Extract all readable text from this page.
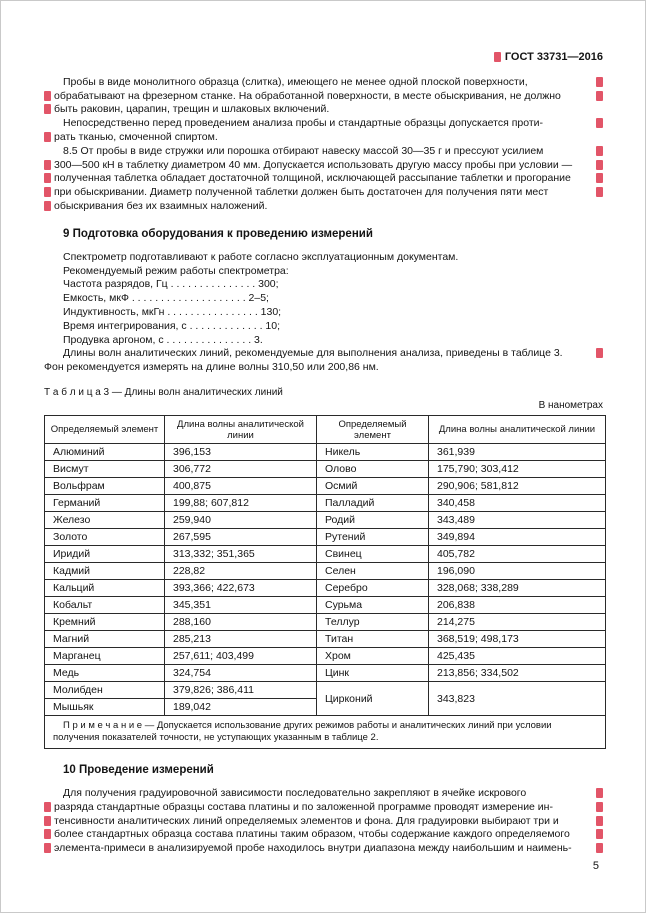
ГОСТ 33731—2016
Пробы в виде монолитного образца (слитка), имеющего не менее одной плоской поверхности,
обрабатывают на фрезерном станке. На обработанной поверхности, в месте обыскривания, не должно
быть раковин, царапин, трещин и шлаковых включений.
Непосредственно перед проведением анализа пробы и стандартные образцы допускается проти-
рать тканью, смоченной спиртом.
8.5 От пробы в виде стружки или порошка отбирают навеску массой 30—35 г и прессуют усилием
300—500 кН в таблетку диаметром 40 мм. Допускается использовать другую массу пробы при условии —
полученная таблетка обладает достаточной толщиной, исключающей рассыпание таблетки и прогорание
при обыскривании. Диаметр полученной таблетки должен быть достаточен для получения пяти мест
обыскривания без их взаимных наложений.
9 Подготовка оборудования к проведению измерений
Спектрометр подготавливают к работе согласно эксплуатационным документам.
Рекомендуемый режим работы спектрометра:
Частота разрядов, Гц . . . . . . . . . . . . . . . 300;
Емкость, мкФ . . . . . . . . . . . . . . . . . . . . 2–5;
Индуктивность, мкГн . . . . . . . . . . . . . . . . 130;
Время интегрирования, с . . . . . . . . . . . . . 10;
Продувка аргоном, с . . . . . . . . . . . . . . . 3.
Длины волн аналитических линий, рекомендуемые для выполнения анализа, приведены в таблице 3.
Фон рекомендуется измерять на длине волны 310,50 или 200,86 нм.
Т а б л и ц а 3 — Длины волн аналитических линий
В нанометрах
Определяемый элемент	Длина волны аналитической линии	Определяемый элемент	Длина волны аналитической линии
Алюминий	396,153	Никель	361,939
Висмут	306,772	Олово	175,790; 303,412
Вольфрам	400,875	Осмий	290,906; 581,812
Германий	199,88; 607,812	Палладий	340,458
Железо	259,940	Родий	343,489
Золото	267,595	Рутений	349,894
Иридий	313,332; 351,365	Свинец	405,782
Кадмий	228,82	Селен	196,090
Кальций	393,366; 422,673	Серебро	328,068; 338,289
Кобальт	345,351	Сурьма	206,838
Кремний	288,160	Теллур	214,275
Магний	285,213	Титан	368,519; 498,173
Марганец	257,611; 403,499	Хром	425,435
Медь	324,754	Цинк	213,856; 334,502
Молибден	379,826; 386,411	Цирконий	343,823
Мышьяк	189,042		
П р и м е ч а н и е — Допускается использование других режимов работы и аналитических линий при условии получения показателей точности, не уступающих указанным в таблице 2.			
10 Проведение измерений
Для получения градуировочной зависимости последовательно закрепляют в ячейке искрового
разряда стандартные образцы состава платины и по заложенной программе проводят измерение ин-
тенсивности аналитических линий определяемых элементов и фона. Для градуировки выбирают три и
более стандартных образца состава платины таким образом, чтобы содержание каждого определяемого
элемента-примеси в анализируемой пробе находилось внутри диапазона между наибольшим и наимень-
5
